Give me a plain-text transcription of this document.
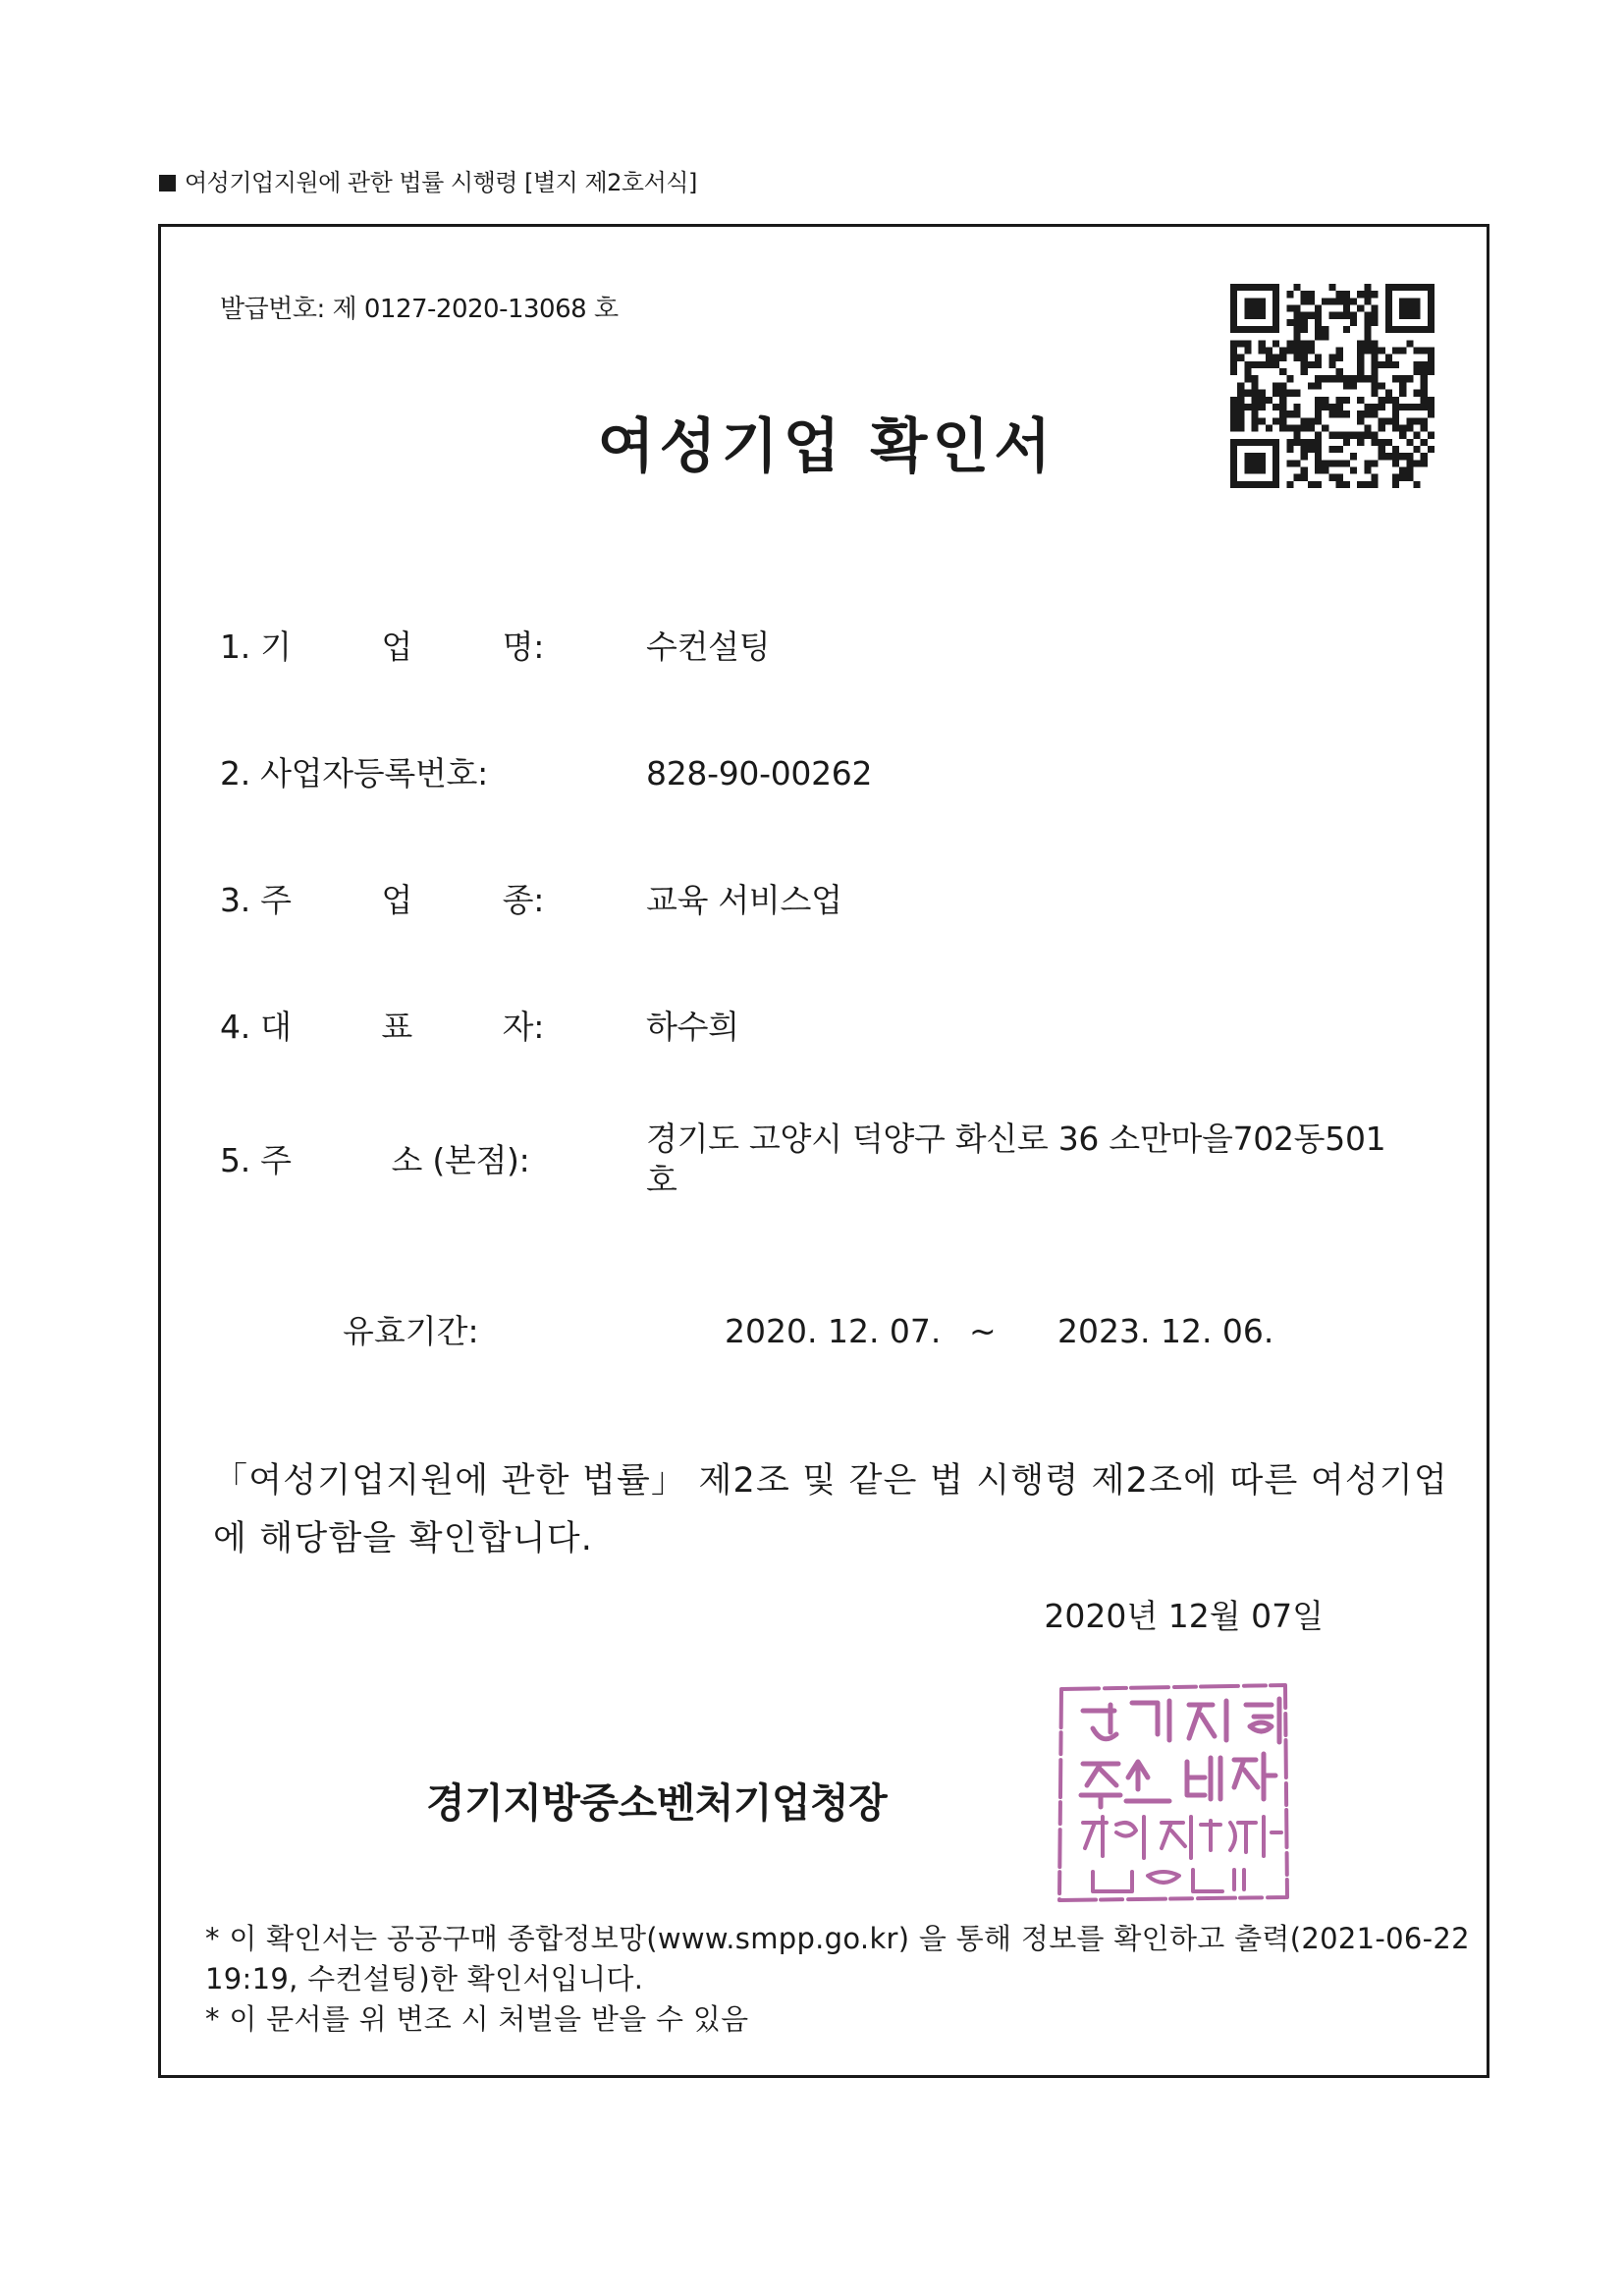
여성기업지원에 관한 법률 시행령 [별지 제2호서식]
발급번호: 제 0127-2020-13068 호
여성기업 확인서
1. 기         업         명:	수컨설팅
2. 사업자등록번호:	828-90-00262
3. 주         업         종:	교육 서비스업
4. 대         표         자:	하수희
5. 주          소 (본점):
경기도 고양시 덕양구 화신로 36 소만마을702동501호
유효기간:	2020. 12. 07. ~ 2023. 12. 06.
「여성기업지원에 관한 법률」 제2조 및 같은 법 시행령 제2조에 따른 여성기업에 해당함을 확인합니다.
2020년 12월 07일
경기지방중소벤처기업청장

* 이 확인서는 공공구매 종합정보망(www.smpp.go.kr) 을 통해 정보를 확인하고 출력(2021-06-22 19:19, 수컨설팅)한 확인서입니다.

* 이 문서를 위 변조 시 처벌을 받을 수 있음
